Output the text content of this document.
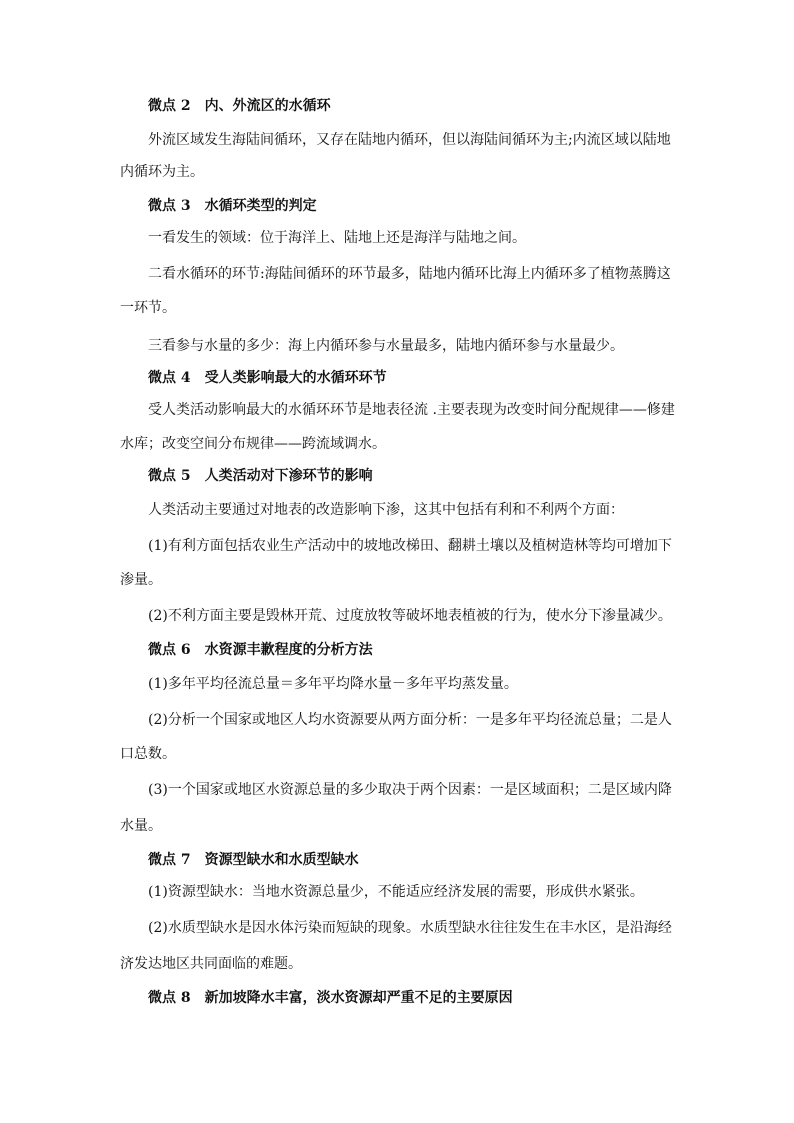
微点 2 内、外流区的水循环
外流区域发生海陆间循环，又存在陆地内循环，但以海陆间循环为主;内流区域以陆地
内循环为主。
微点 3 水循环类型的判定
一看发生的领域：位于海洋上、陆地上还是海洋与陆地之间。
二看水循环的环节:海陆间循环的环节最多，陆地内循环比海上内循环多了植物蒸腾这
一环节。
三看参与水量的多少：海上内循环参与水量最多，陆地内循环参与水量最少。
微点 4 受人类影响最大的水循环环节
受人类活动影响最大的水循环环节是地表径流 .主要表现为改变时间分配规律——修建
水库；改变空间分布规律——跨流域调水。
微点 5 人类活动对下渗环节的影响
人类活动主要通过对地表的改造影响下渗，这其中包括有利和不利两个方面：
(1)有利方面包括农业生产活动中的坡地改梯田、翻耕土壤以及植树造林等均可增加下
渗量。
(2)不利方面主要是毁林开荒、过度放牧等破坏地表植被的行为，使水分下渗量减少。
微点 6 水资源丰歉程度的分析方法
(1)多年平均径流总量＝多年平均降水量－多年平均蒸发量。
(2)分析一个国家或地区人均水资源要从两方面分析：一是多年平均径流总量；二是人
口总数。
(3)一个国家或地区水资源总量的多少取决于两个因素：一是区域面积；二是区域内降
水量。
微点 7 资源型缺水和水质型缺水
(1)资源型缺水：当地水资源总量少，不能适应经济发展的需要，形成供水紧张。
(2)水质型缺水是因水体污染而短缺的现象。水质型缺水往往发生在丰水区，是沿海经
济发达地区共同面临的难题。
微点 8 新加坡降水丰富，淡水资源却严重不足的主要原因
